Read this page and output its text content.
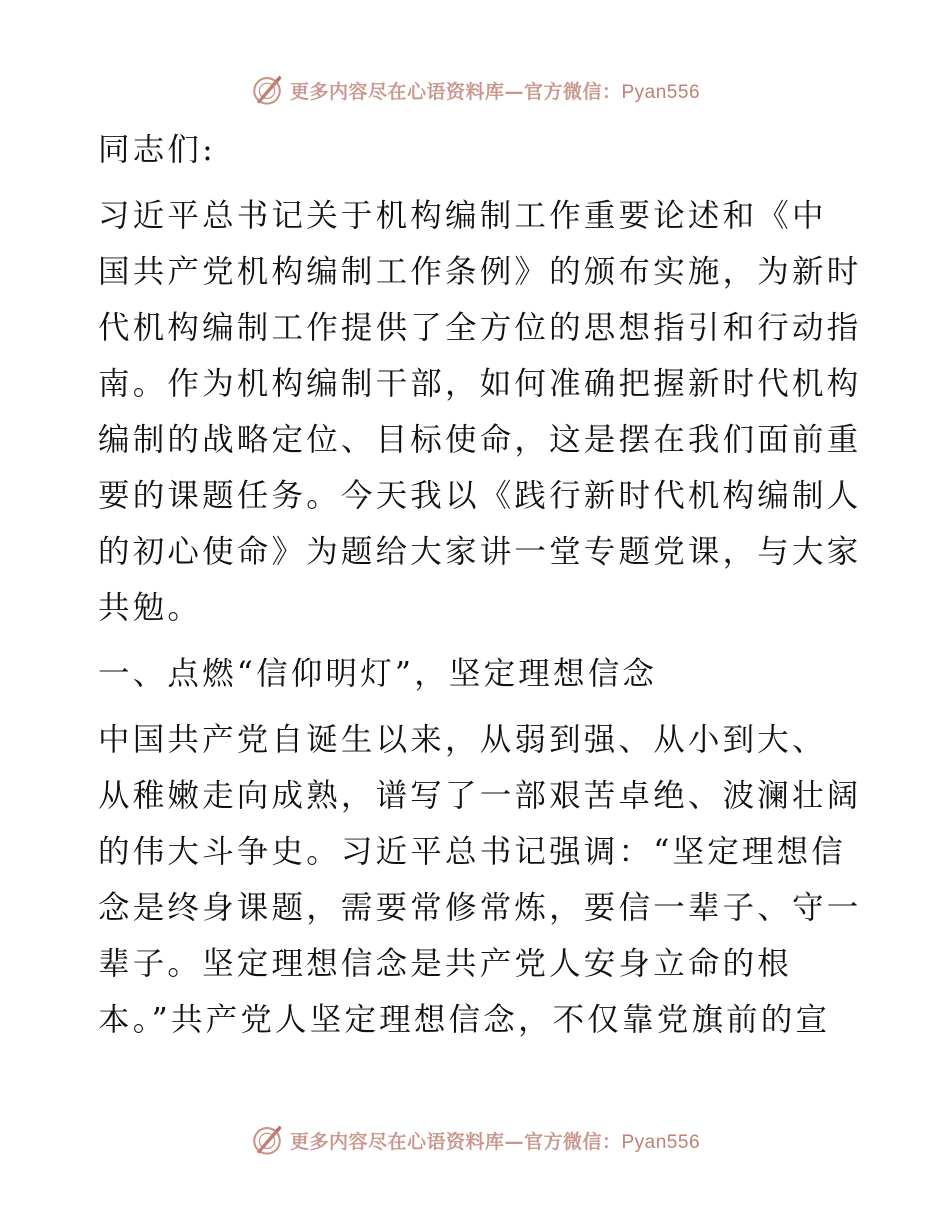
更多内容尽在心语资料库—官方微信：Pyan556
同志们:
习近平总书记关于机构编制工作重要论述和《中
国共产党机构编制工作条例》的颁布实施，为新时
代机构编制工作提供了全方位的思想指引和行动指
南。作为机构编制干部，如何准确把握新时代机构
编制的战略定位、目标使命，这是摆在我们面前重
要的课题任务。今天我以《践行新时代机构编制人
的初心使命》为题给大家讲一堂专题党课，与大家
共勉。
一、点燃“信仰明灯”，坚定理想信念
中国共产党自诞生以来，从弱到强、从小到大、
从稚嫩走向成熟，谱写了一部艰苦卓绝、波澜壮阔
的伟大斗争史。习近平总书记强调：“坚定理想信
念是终身课题，需要常修常炼，要信一辈子、守一
辈子。坚定理想信念是共产党人安身立命的根
本。”共产党人坚定理想信念，不仅靠党旗前的宣
更多内容尽在心语资料库—官方微信：Pyan556
